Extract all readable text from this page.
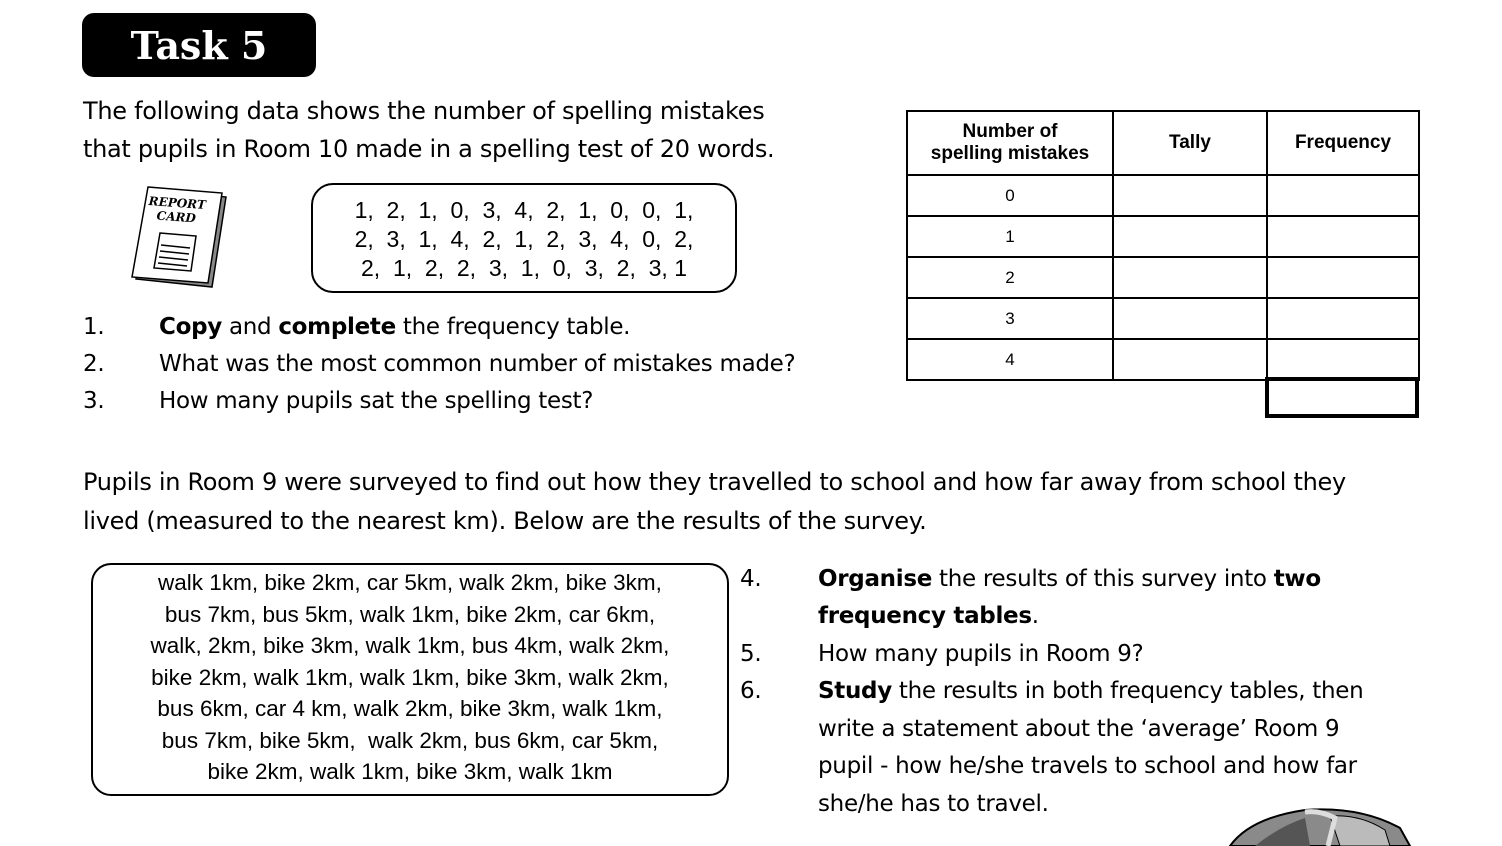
Task 5
The following data shows the number of spelling mistakes
that pupils in Room 10 made in a spelling test of 20 words.
REPORT
CARD	1,  2,  1,  0,  3,  4,  2,  1,  0,  0,  1,
2,  3,  1,  4,  2,  1,  2,  3,  4,  0,  2,
2,  1,  2,  2,  3,  1,  0,  3,  2,  3, 1
1.	Copy and complete the frequency table.
2.	What was the most common number of mistakes made?
3.	How many pupils sat the spelling test?
Number of
spelling mistakes	Tally	Frequency
0		
1		
2		
3		
4		
Pupils in Room 9 were surveyed to find out how they travelled to school and how far away from school they
lived (measured to the nearest km). Below are the results of the survey.
walk 1km, bike 2km, car 5km, walk 2km, bike 3km,
bus 7km, bus 5km, walk 1km, bike 2km, car 6km,
walk, 2km, bike 3km, walk 1km, bus 4km, walk 2km,
bike 2km, walk 1km, walk 1km, bike 3km, walk 2km,
bus 6km, car 4 km, walk 2km, bike 3km, walk 1km,
bus 7km, bike 5km,  walk 2km, bus 6km, car 5km,
bike 2km, walk 1km, bike 3km, walk 1km
4.	Organise the results of this survey into two
frequency tables.
5.	How many pupils in Room 9?
6.	Study the results in both frequency tables, then
write a statement about the ‘average’ Room 9
pupil - how he/she travels to school and how far
she/he has to travel.
